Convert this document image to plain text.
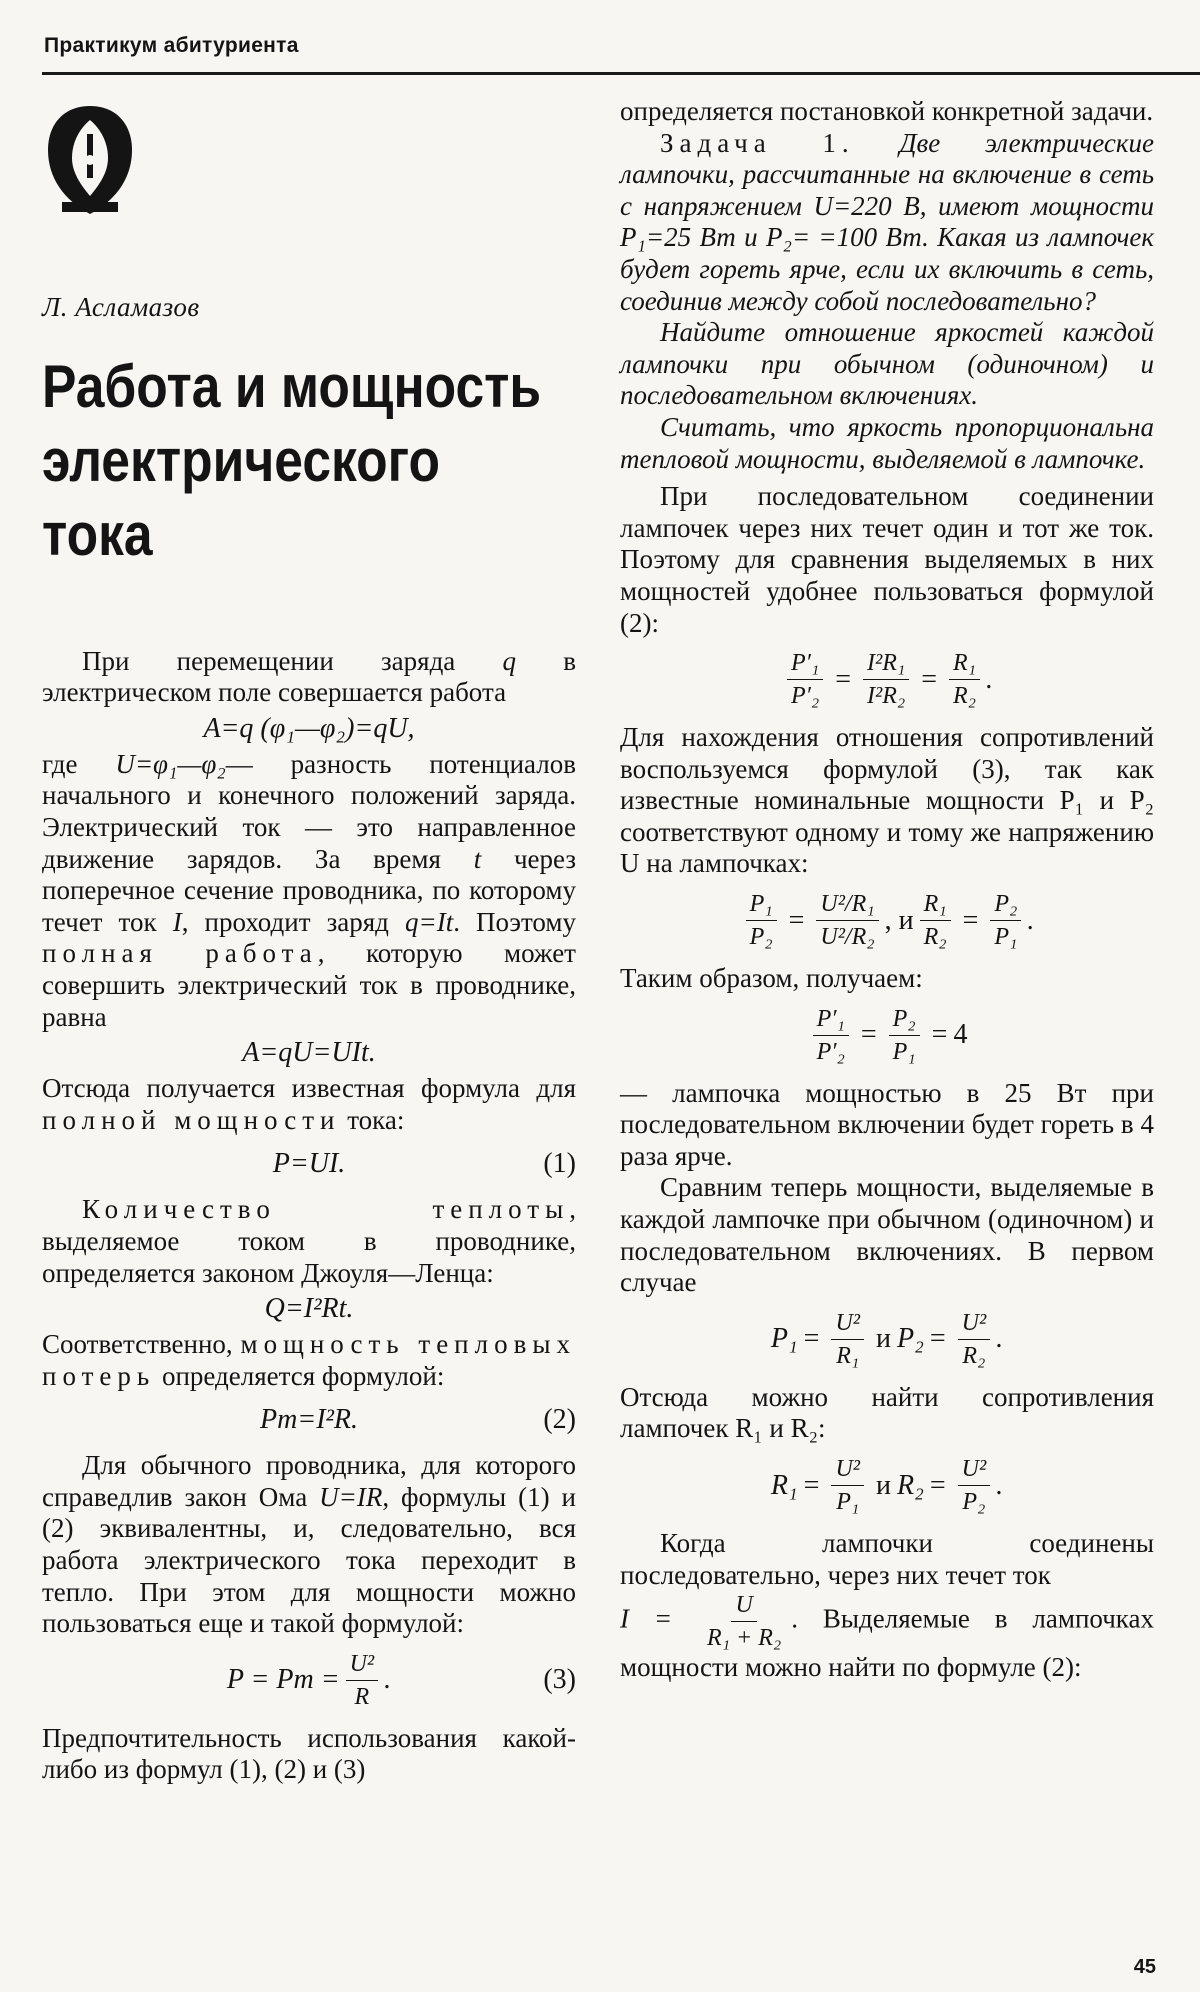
Практикум абитуриента
Л. Асламазов
Работа и мощность
электрического
тока

При перемещении заряда q в электрическом поле совершается работа

A=q (φ₁—φ₂)=qU,

где U=φ₁—φ₂— разность потенциалов начального и конечного положений заряда. Электрический ток — это направленное движение зарядов. За время t через поперечное сечение проводника, по которому течет ток I, проходит заряд q=It. Поэтому полная работа, которую может совершить электрический ток в проводнике, равна

A=qU=UIt.

Отсюда получается известная формула для полной мощности тока:

P=UI.	(1)

Количество теплоты, выделяемое током в проводнике, определяется законом Джоуля—Ленца:

Q=I²Rt.

Соответственно, мощность тепловых потерь определяется формулой:

Pт=I²R.	(2)

Для обычного проводника, для которого справедлив закон Ома U=IR, формулы (1) и (2) эквивалентны, и, следовательно, вся работа электрического тока переходит в тепло. При этом для мощности можно пользоваться еще и такой формулой:

P = Pт = $\frac{\text{U²}}{R}$ .	(3)

Предпочтительность использования какой-либо из формул (1), (2) и (3)

определяется постановкой конкретной задачи.

Задача 1. Две электрические лампочки, рассчитанные на включение в сеть с напряжением U=220 В, имеют мощности P₁=25 Вт и P₂= =100 Вт. Какая из лампочек будет гореть ярче, если их включить в сеть, соединив между собой последовательно?

Найдите отношение яркостей каждой лампочки при обычном (одиночном) и последовательном включениях.

Считать, что яркость пропорциональна тепловой мощности, выделяемой в лампочке.

При последовательном соединении лампочек через них течет один и тот же ток. Поэтому для сравнения выделяемых в них мощностей удобнее пользоваться формулой (2):

$\frac{\text{P′₁}}{\text{P′₂}} = \frac{\text{I²R₁}}{\text{I²R₂}} = \frac{\text{R₁}}{\text{R₂}}$ .

Для нахождения отношения сопротивлений воспользуемся формулой (3), так как известные номинальные мощности P₁ и P₂ соответствуют одному и тому же напряжению U на лампочках:

$\frac{\text{P₁}}{\text{P₂}} = \frac{\text{U²/R₁}}{\text{U²/R₂}}$ , и $\frac{\text{R₁}}{\text{R₂}} = \frac{\text{P₂}}{\text{P₁}}$ .

Таким образом, получаем:

$\frac{\text{P′₁}}{\text{P′₂}} = \frac{\text{P₂}}{\text{P₁}} = 4$

— лампочка мощностью в 25 Вт при последовательном включении будет гореть в 4 раза ярче.

Сравним теперь мощности, выделяемые в каждой лампочке при обычном (одиночном) и последовательном включениях. В первом случае

$P_1 = \frac{\text{U²}}{\text{R₁}}$ и $P_2 = \frac{\text{U²}}{\text{R₂}}$ .

Отсюда можно найти сопротивления лампочек R₁ и R₂:

$R_1 = \frac{\text{U²}}{\text{P₁}}$ и $R_2 = \frac{\text{U²}}{\text{P₂}}$ .

Когда лампочки соединены последовательно, через них течет ток

$I = \frac{U}{\text{R₁ + R₂}}$ . Выделяемые в лампочках мощности можно найти по формуле (2):

45
